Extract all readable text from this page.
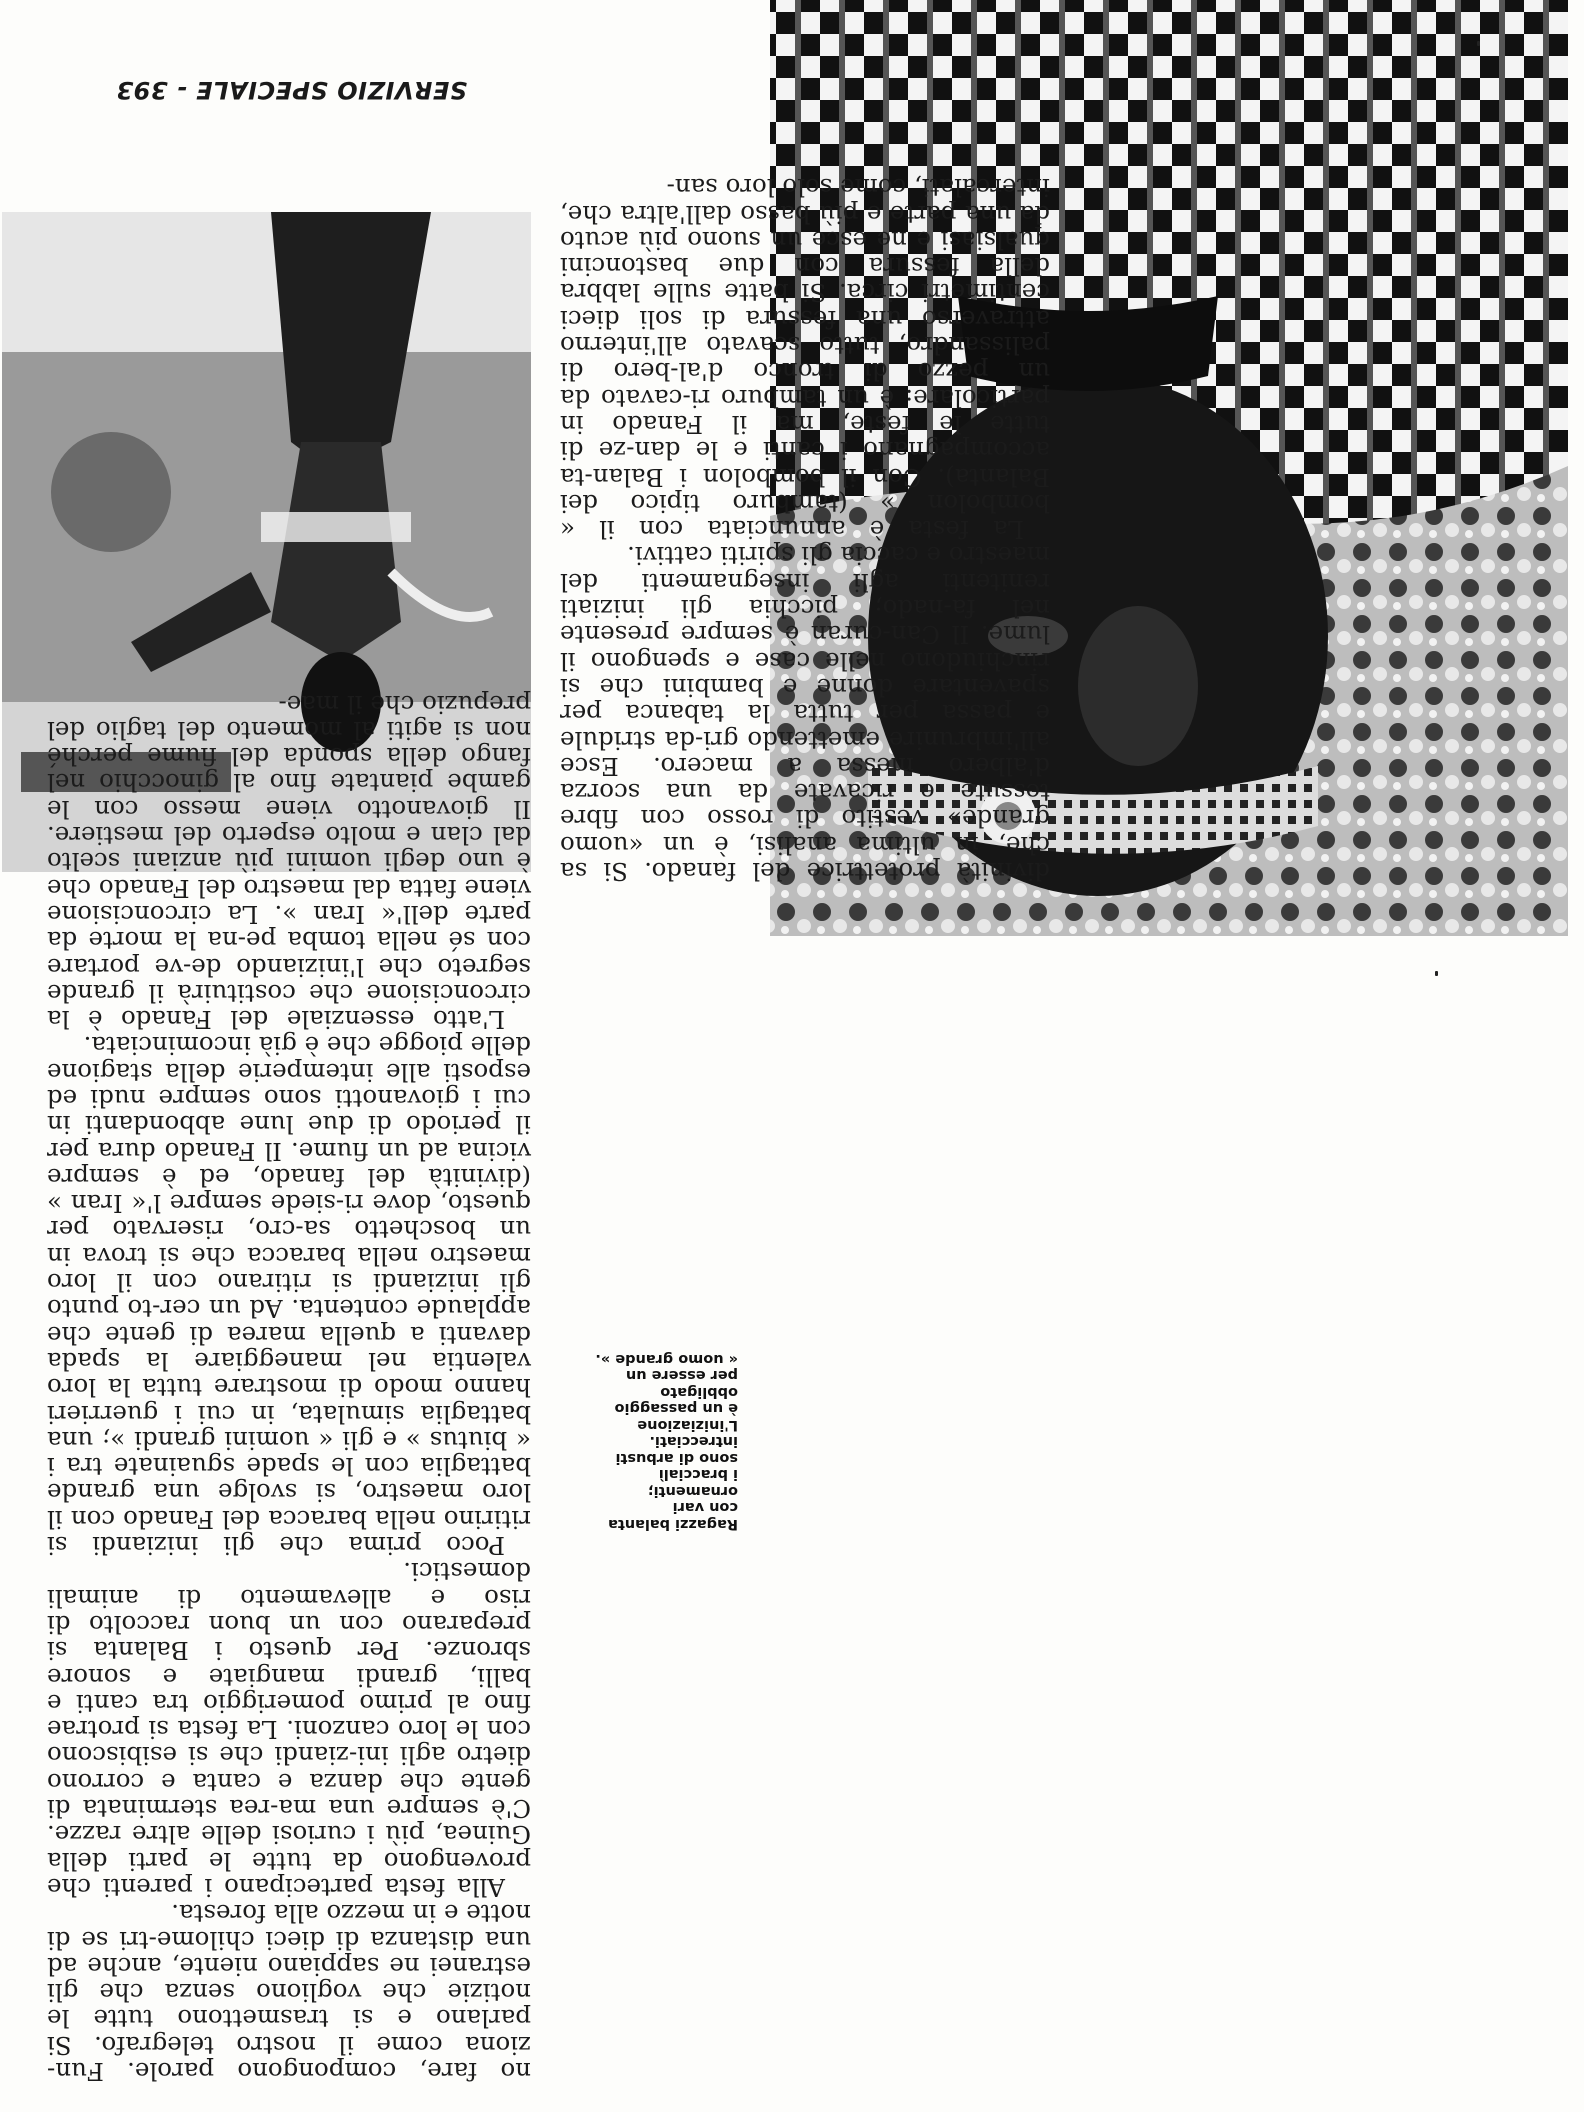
SERVIZIO SPECIALE - 393

no fare, compongono parole. Fun-ziona come il nostro telegrafo. Si parlano e si trasmettono tutte le notizie che vogliono senza che gli estranei ne sappiano niente, anche ad una distanza di dieci chilome-tri se di notte e in mezzo alla foresta.

Alla festa partecipano i parenti che provengono da tutte le parti della Guinea, più i curiosi delle altre razze. C'è sempre una ma-rea sterminata di gente che danza e canta e corrono dietro agli ini-ziandi che si esibiscono con le loro canzoni. La festa si protrae fino al primo pomeriggio tra canti e balli, grandi mangiate e sonore sbronze. Per questo i Balanta si preparano con un buon raccolto di riso e allevamento di animali domestici.

Poco prima che gli iniziandi si ritirino nella baracca del Fanado con il loro maestro, si svolge una grande battaglia con le spade sguainate tra i « biutus » e gli « uomini grandi »; una battaglia simulata, in cui i guerrieri hanno modo di mostrare tutta la loro valentia nel maneggiare la spada davanti a quella marea di gente che applaude contenta. Ad un cer-to punto gli iniziandi si ritirano con il loro maestro nella baracca che si trova in un boschetto sa-cro, riservato per questo, dove ri-siede sempre l'« Iran » (divinità del fanado, ed è sempre vicina ad un fiume. Il Fanado dura per il periodo di due lune abbondanti in cui i giovanotti sono sempre nudi ed esposti alle intemperie della stagione delle piogge che è già incominciata.

L'atto essenziale del Fanado è la circoncisione che costituirà il grande segreto che l'iniziando de-ve portare con sé nella tomba pe-na la morte da parte dell'« Iran ». La circoncisione viene fatta dal maestro del Fanado che è uno degli uomini più anziani scelto dal clan e molto esperto del mestiere. Il giovanotto viene messo con le gambe piantate fino al ginocchio nel fango della sponda del fiume perché non si agiti al momento del taglio del prepuzio che il mae-

divinità protettrice del fanado. Si sa che, in ultima analisi, è un «uomo grande» vestito di rosso con fibre tessute e ricavate da una scorza d'albero messa a macero. Esce all'imbrunire emettendo gri-da stridule e passa per tutta la tabanca per spaventare donne e bambini che si rinchiudono nelle case e spengono il lume. Il Can-curan è sempre presente nel fa-nado; picchia gli iniziati renitenti agli insegnamenti del maestro e caccia gli spiriti cattivi.

La festa è annunciata con il « bombolon » (tamburo tipico dei Balanta). Con il bombolon i Balan-ta accompagnano i canti e le dan-ze di tutte le feste, ma il Fanado in particolare: è un tamburo ri-cavato da un pezzo di tronco d'al-bero di palissandro, tutto scavato all'interno attraverso una fessura di soli dieci centimetri circa. Si batte sulle labbra della fessura con due bastoncini qualsiasi e ne esce un suono più acuto da una parte e più basso dall'altra che, intercalati, come solo loro san-

Ragazzi balanta
con vari
ornamenti;
i braccialì
sono di arbusti
intrecciati.
L'iniziazione
è un passaggio
obbligato
per essere un
« uomo grande ».
